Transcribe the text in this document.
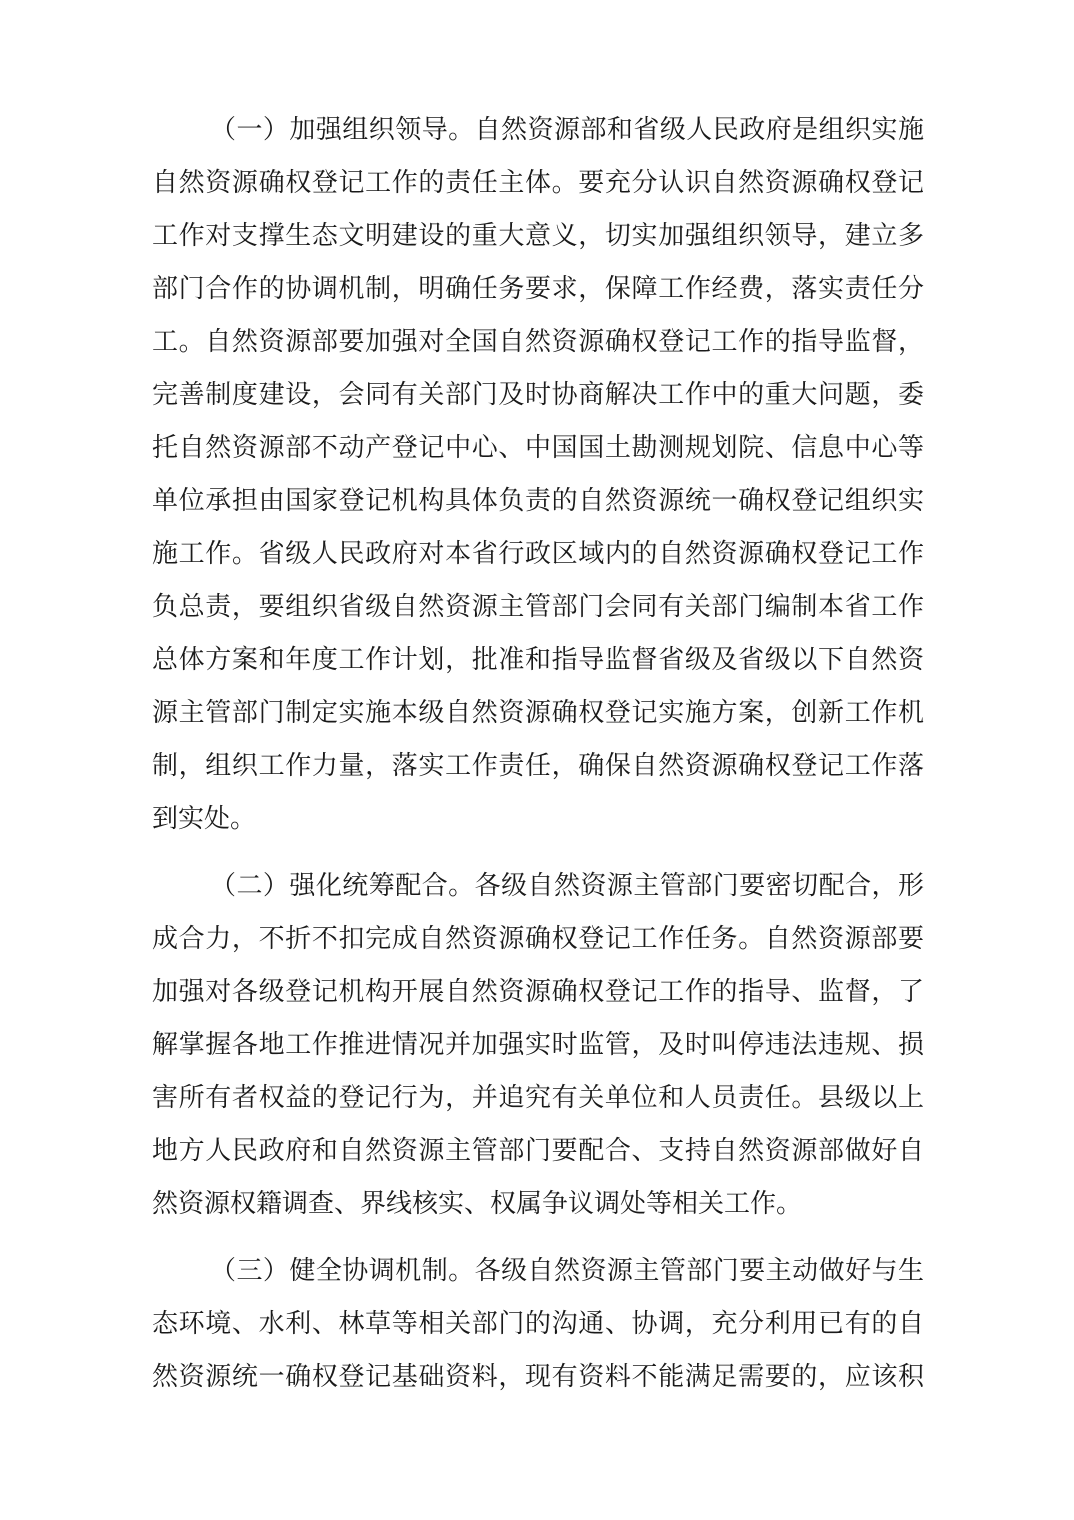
（一）加强组织领导。自然资源部和省级人民政府是组织实施
自然资源确权登记工作的责任主体。要充分认识自然资源确权登记
工作对支撑生态文明建设的重大意义，切实加强组织领导，建立多
部门合作的协调机制，明确任务要求，保障工作经费，落实责任分
工。自然资源部要加强对全国自然资源确权登记工作的指导监督，
完善制度建设，会同有关部门及时协商解决工作中的重大问题，委
托自然资源部不动产登记中心、中国国土勘测规划院、信息中心等
单位承担由国家登记机构具体负责的自然资源统一确权登记组织实
施工作。省级人民政府对本省行政区域内的自然资源确权登记工作
负总责，要组织省级自然资源主管部门会同有关部门编制本省工作
总体方案和年度工作计划，批准和指导监督省级及省级以下自然资
源主管部门制定实施本级自然资源确权登记实施方案，创新工作机
制，组织工作力量，落实工作责任，确保自然资源确权登记工作落
到实处。
（二）强化统筹配合。各级自然资源主管部门要密切配合，形
成合力，不折不扣完成自然资源确权登记工作任务。自然资源部要
加强对各级登记机构开展自然资源确权登记工作的指导、监督，了
解掌握各地工作推进情况并加强实时监管，及时叫停违法违规、损
害所有者权益的登记行为，并追究有关单位和人员责任。县级以上
地方人民政府和自然资源主管部门要配合、支持自然资源部做好自
然资源权籍调查、界线核实、权属争议调处等相关工作。
（三）健全协调机制。各级自然资源主管部门要主动做好与生
态环境、水利、林草等相关部门的沟通、协调，充分利用已有的自
然资源统一确权登记基础资料，现有资料不能满足需要的，应该积
